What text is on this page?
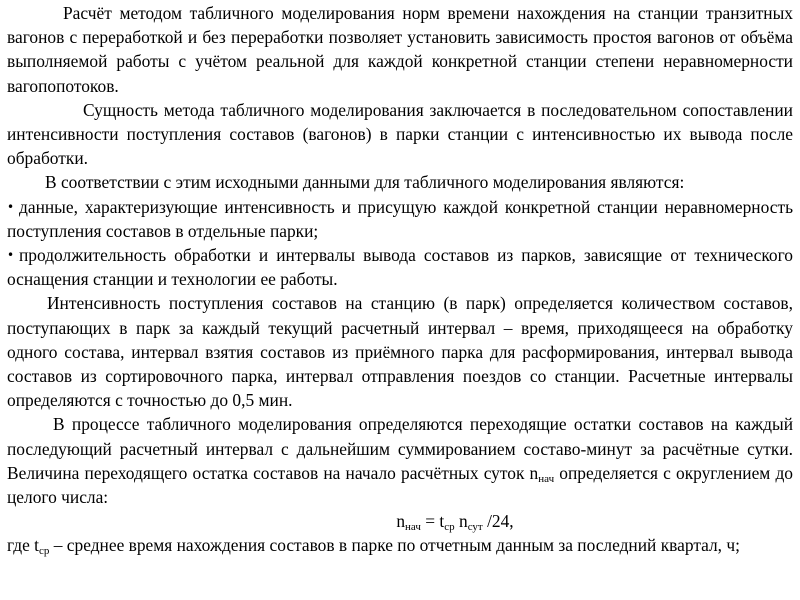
Расчёт методом табличного моделирования норм времени нахождения на станции транзитных вагонов с переработкой и без переработки позволяет установить зависимость простоя вагонов от объёма выполняемой работы с учётом реальной для каждой конкретной станции степени неравномерности вагопопотоков.

Сущность метода табличного моделирования заключается в последовательном сопоставлении интенсивности поступления составов (вагонов) в парки станции с интенсивностью их вывода после обработки.

В соответствии с этим исходными данными для табличного моделирования являются:

• данные, характеризующие интенсивность и присущую каждой конкретной станции неравномерность поступления составов в отдельные парки;

• продолжительность обработки и интервалы вывода составов из парков, зависящие от технического оснащения станции и технологии ее работы.

Интенсивность поступления составов на станцию (в парк) определяется количеством составов, поступающих в парк за каждый текущий расчетный интервал – время, приходящееся на обработку одного состава, интервал взятия составов из приёмного парка для расформирования, интервал вывода составов из сортировочного парка, интервал отправления поездов со станции. Расчетные интервалы определяются с точностью до 0,5 мин.

В процессе табличного моделирования определяются переходящие остатки составов на каждый последующий расчетный интервал с дальнейшим суммированием составо-минут за расчётные сутки. Величина переходящего остатка составов на начало расчётных суток $n_{нач}$ определяется с округлением до целого числа:

$n_{нач} = t_{ср}$ $n_{сут}$ /24,

где $t_{ср}$ – среднее время нахождения составов в парке по отчетным данным за последний квартал, ч;
